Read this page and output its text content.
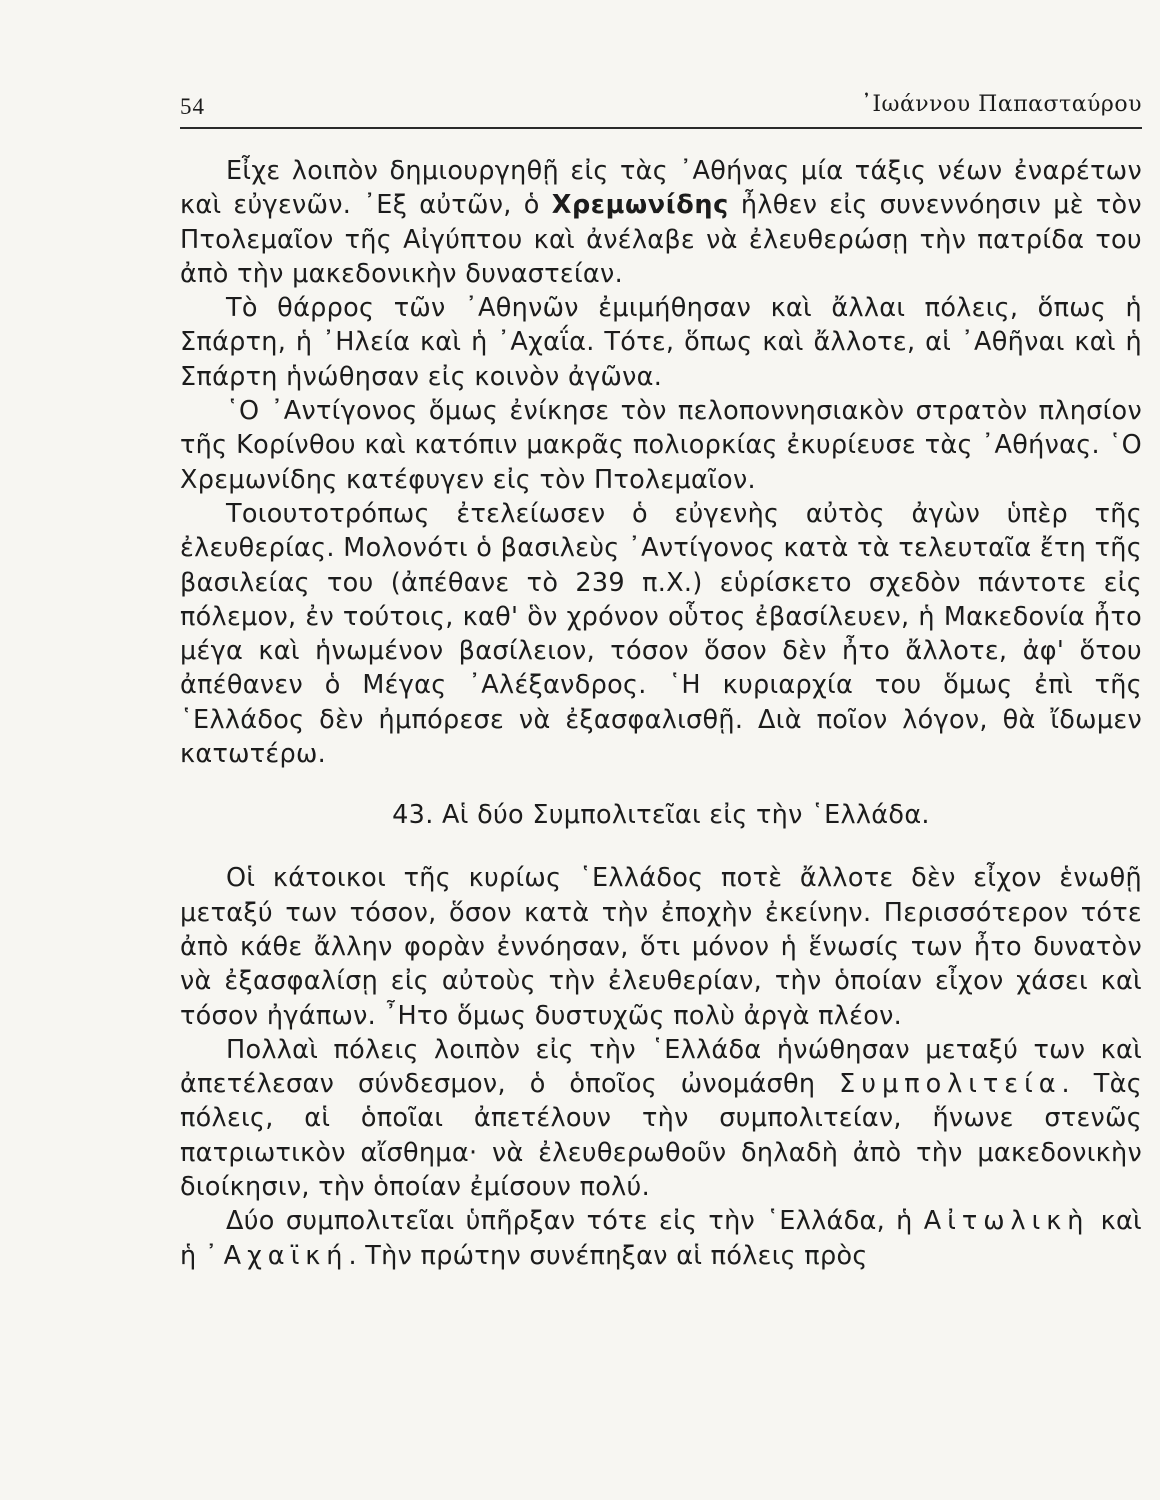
54	᾿Ιωάννου Παπασταύρου

Εἶχε λοιπὸν δημιουργηθῇ εἰς τὰς ᾿Αθήνας μία τάξις νέων ἐναρέτων καὶ εὐγενῶν. ᾿Εξ αὐτῶν, ὁ Χρεμωνίδης ἦλθεν εἰς συνεννόησιν μὲ τὸν Πτολεμαῖον τῆς Αἰγύπτου καὶ ἀνέλαβε νὰ ἐλευθερώσῃ τὴν πατρίδα του ἀπὸ τὴν μακεδονικὴν δυναστείαν.

Τὸ θάρρος τῶν ᾿Αθηνῶν ἐμιμήθησαν καὶ ἄλλαι πόλεις, ὅπως ἡ Σπάρτη, ἡ ᾿Ηλεία καὶ ἡ ᾿Αχαΐα. Τότε, ὅπως καὶ ἄλλοτε, αἱ ᾿Αθῆναι καὶ ἡ Σπάρτη ἡνώθησαν εἰς κοινὸν ἀγῶνα.

῾Ο ᾿Αντίγονος ὅμως ἐνίκησε τὸν πελοποννησιακὸν στρατὸν πλησίον τῆς Κορίνθου καὶ κατόπιν μακρᾶς πολιορκίας ἐκυρίευσε τὰς ᾿Αθήνας. ῾Ο Χρεμωνίδης κατέφυγεν εἰς τὸν Πτολεμαῖον.

Τοιουτοτρόπως ἐτελείωσεν ὁ εὐγενὴς αὐτὸς ἀγὼν ὑπὲρ τῆς ἐλευθερίας. Μολονότι ὁ βασιλεὺς ᾿Αντίγονος κατὰ τὰ τελευταῖα ἔτη τῆς βασιλείας του (ἀπέθανε τὸ 239 π.Χ.) εὑρίσκετο σχεδὸν πάντοτε εἰς πόλεμον, ἐν τούτοις, καθ' ὃν χρόνον οὗτος ἐβασίλευεν, ἡ Μακεδονία ἦτο μέγα καὶ ἡνωμένον βασίλειον, τόσον ὅσον δὲν ἦτο ἄλλοτε, ἀφ' ὅτου ἀπέθανεν ὁ Μέγας ᾿Αλέξανδρος. ῾Η κυριαρχία του ὅμως ἐπὶ τῆς ῾Ελλάδος δὲν ἠμπόρεσε νὰ ἐξασφαλισθῇ. Διὰ ποῖον λόγον, θὰ ἴδωμεν κατωτέρω.

43. Αἱ δύο Συμπολιτεῖαι εἰς τὴν ῾Ελλάδα.

Οἱ κάτοικοι τῆς κυρίως ῾Ελλάδος ποτὲ ἄλλοτε δὲν εἶχον ἑνωθῇ μεταξύ των τόσον, ὅσον κατὰ τὴν ἐποχὴν ἐκείνην. Περισσότερον τότε ἀπὸ κάθε ἄλλην φορὰν ἐννόησαν, ὅτι μόνον ἡ ἕνωσίς των ἦτο δυνατὸν νὰ ἐξασφαλίσῃ εἰς αὐτοὺς τὴν ἐλευθερίαν, τὴν ὁποίαν εἶχον χάσει καὶ τόσον ἠγάπων. ῏Ητο ὅμως δυστυχῶς πολὺ ἀργὰ πλέον.

Πολλαὶ πόλεις λοιπὸν εἰς τὴν ῾Ελλάδα ἡνώθησαν μεταξύ των καὶ ἀπετέλεσαν σύνδεσμον, ὁ ὁποῖος ὠνομάσθη Συμπολιτεία. Τὰς πόλεις, αἱ ὁποῖαι ἀπετέλουν τὴν συμπολιτείαν, ἥνωνε στενῶς πατριωτικὸν αἴσθημα· νὰ ἐλευθερωθοῦν δηλαδὴ ἀπὸ τὴν μακεδονικὴν διοίκησιν, τὴν ὁποίαν ἐμίσουν πολύ.

Δύο συμπολιτεῖαι ὑπῆρξαν τότε εἰς τὴν ῾Ελλάδα, ἡ Αἰτωλικὴ καὶ ἡ ᾿Αχαϊκή. Τὴν πρώτην συνέπηξαν αἱ πόλεις πρὸς
